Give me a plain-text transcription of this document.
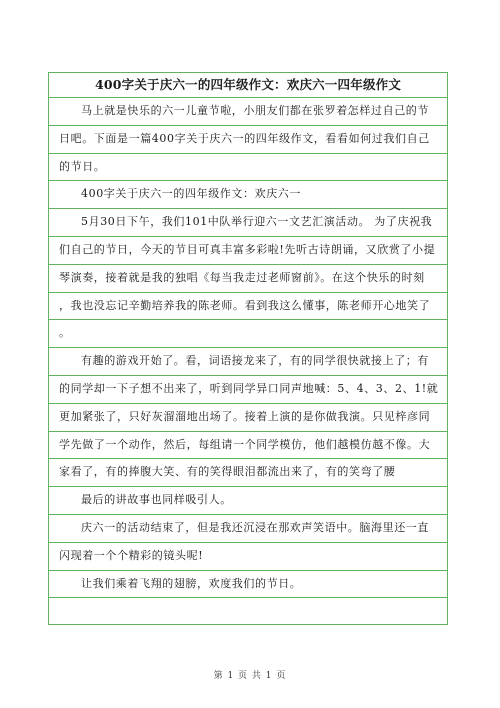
400字关于庆六一的四年级作文：欢庆六一四年级作文
马上就是快乐的六一儿童节啦，小朋友们都在张罗着怎样过自己的节
日吧。下面是一篇400字关于庆六一的四年级作文，看看如何过我们自己
的节日。
400字关于庆六一的四年级作文：欢庆六一
5月30日下午，我们101中队举行迎六一文艺汇演活动。 为了庆祝我
们自己的节日，今天的节目可真丰富多彩啦!先听古诗朗诵，又欣赏了小提
琴演奏，接着就是我的独唱《每当我走过老师窗前》。在这个快乐的时刻
，我也没忘记辛勤培养我的陈老师。看到我这么懂事，陈老师开心地笑了
。
有趣的游戏开始了。看，词语接龙来了，有的同学很快就接上了；有
的同学却一下子想不出来了，听到同学异口同声地喊：5、4、3、2、1!就
更加紧张了，只好灰溜溜地出场了。接着上演的是你做我演。只见梓彦同
学先做了一个动作，然后，每组请一个同学模仿，他们越模仿越不像。大
家看了，有的捧腹大笑、有的笑得眼泪都流出来了，有的笑弯了腰
最后的讲故事也同样吸引人。
庆六一的活动结束了，但是我还沉浸在那欢声笑语中。脑海里还一直
闪现着一个个精彩的镜头呢!
让我们乘着飞翔的翅膀，欢度我们的节日。
第 1 页 共 1 页
